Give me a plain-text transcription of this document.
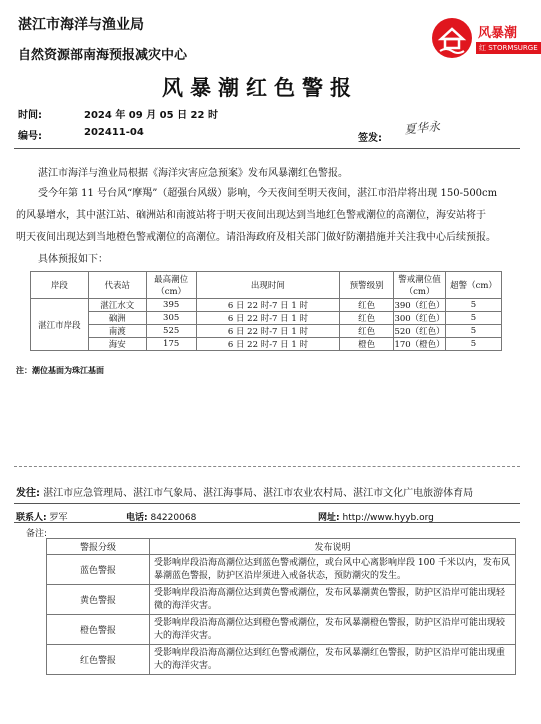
湛江市海洋与渔业局
自然资源部南海预报减灾中心
风暴潮
红 STORMSURGE
风暴潮红色警报
时间:	2024 年 09 月 05 日 22 时
编号:	202411-04
签发:
夏华永
湛江市海洋与渔业局根据《海洋灾害应急预案》发布风暴潮红色警报。
受今年第 11 号台风“摩羯”（超强台风级）影响，今天夜间至明天夜间，湛江市沿岸将出现 150-500cm
的风暴增水，其中湛江站、硇洲站和南渡站将于明天夜间出现达到当地红色警戒潮位的高潮位，海安站将于
明天夜间出现达到当地橙色警戒潮位的高潮位。请沿海政府及相关部门做好防潮措施并关注我中心后续预报。
具体预报如下：
岸段	代表站	最高潮位（cm）	出现时间	预警级别	警戒潮位值（cm）	超警（cm）
湛江市岸段	湛江水文	395	6 日 22 时-7 日 1 时	红色	390（红色）	5
	硇洲	305	6 日 22 时-7 日 1 时	红色	300（红色）	5
	南渡	525	6 日 22 时-7 日 1 时	红色	520（红色）	5
	海安	175	6 日 22 时-7 日 1 时	橙色	170（橙色）	5
注：潮位基面为珠江基面
发往: 湛江市应急管理局、湛江市气象局、湛江海事局、湛江市农业农村局、湛江市文化广电旅游体育局
联系人: 罗军	电话: 84220068	网址: http://www.hyyb.org
备注:
警报分级	发布说明
蓝色警报	受影响岸段沿海高潮位达到蓝色警戒潮位，或台风中心离影响岸段 100 千米以内，发布风暴潮蓝色警报，防护区沿岸须进入戒备状态，预防潮灾的发生。
黄色警报	受影响岸段沿海高潮位达到黄色警戒潮位，发布风暴潮黄色警报，防护区沿岸可能出现轻微的海洋灾害。
橙色警报	受影响岸段沿海高潮位达到橙色警戒潮位，发布风暴潮橙色警报，防护区沿岸可能出现较大的海洋灾害。
红色警报	受影响岸段沿海高潮位达到红色警戒潮位，发布风暴潮红色警报，防护区沿岸可能出现重大的海洋灾害。
